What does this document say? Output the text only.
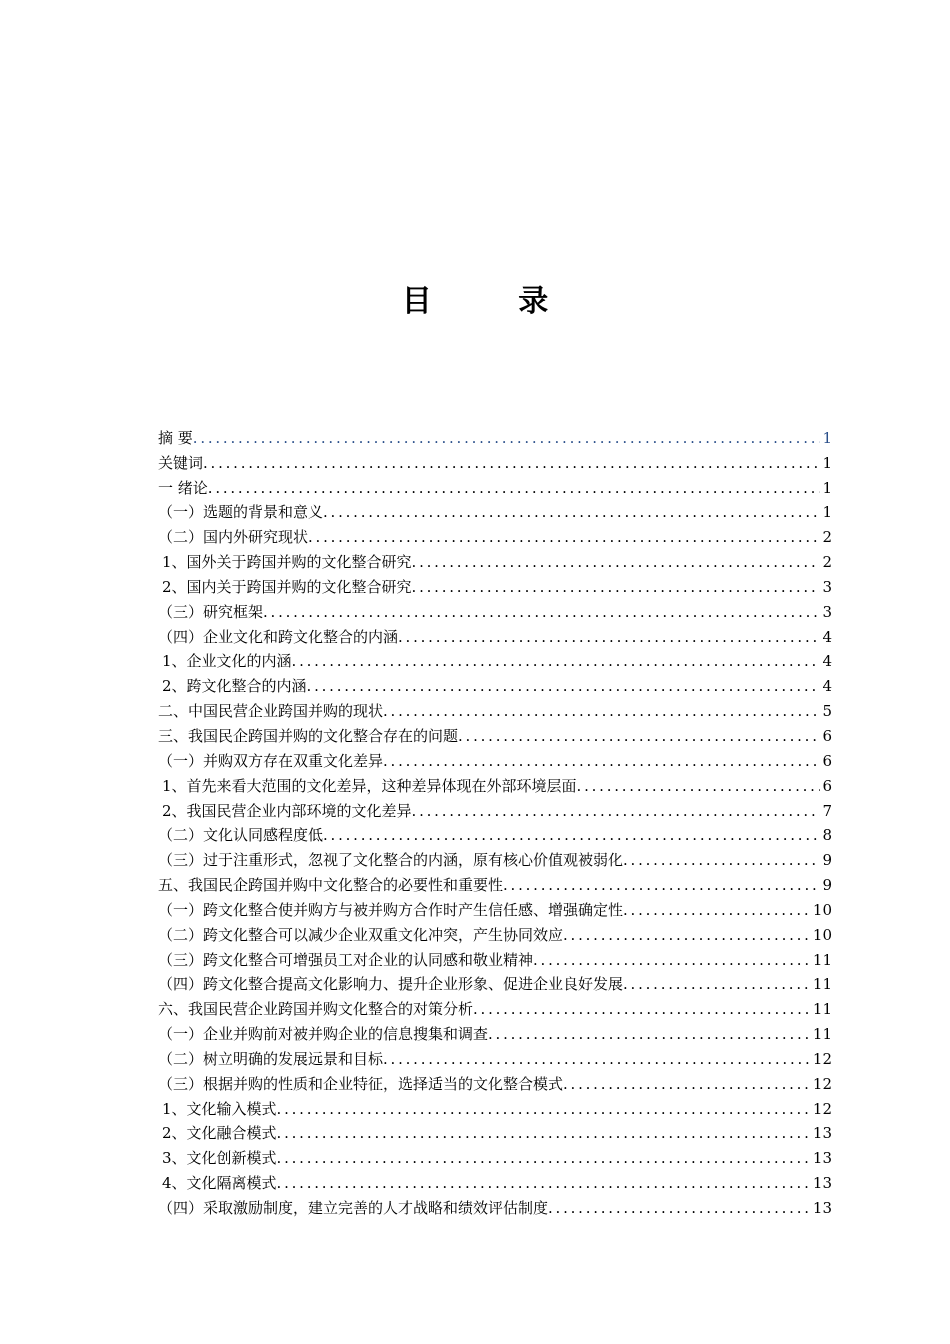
目 录
摘 要 . . .	1
关键词 . . .	1
一 绪论 . . .	1
（一）选题的背景和意义 . . .	1
（二）国内外研究现状 . . .	2
1、国外关于跨国并购的文化整合研究 . . .	2
2、国内关于跨国并购的文化整合研究 . . .	3
（三）研究框架 . . .	3
（四）企业文化和跨文化整合的内涵 . . .	4
1、企业文化的内涵 . . .	4
2、跨文化整合的内涵 . . .	4
二、中国民营企业跨国并购的现状 . . .	5
三、我国民企跨国并购的文化整合存在的问题 . . .	6
（一）并购双方存在双重文化差异 . . .	6
1、首先来看大范围的文化差异，这种差异体现在外部环境层面 . . .	6
2、我国民营企业内部环境的文化差异 . . .	7
（二）文化认同感程度低 . . .	8
（三）过于注重形式，忽视了文化整合的内涵，原有核心价值观被弱化 . . .	9
五、我国民企跨国并购中文化整合的必要性和重要性 . . .	9
（一）跨文化整合使并购方与被并购方合作时产生信任感、增强确定性 . . .	10
（二）跨文化整合可以减少企业双重文化冲突，产生协同效应 . . .	10
（三）跨文化整合可增强员工对企业的认同感和敬业精神 . . .	11
（四）跨文化整合提高文化影响力、提升企业形象、促进企业良好发展 . . .	11
六、我国民营企业跨国并购文化整合的对策分析 . . .	11
（一）企业并购前对被并购企业的信息搜集和调查 . . .	11
（二）树立明确的发展远景和目标 . . .	12
（三）根据并购的性质和企业特征，选择适当的文化整合模式 . . .	12
1、文化输入模式 . . .	12
2、文化融合模式 . . .	13
3、文化创新模式 . . .	13
4、文化隔离模式 . . .	13
（四）采取激励制度，建立完善的人才战略和绩效评估制度 . . .	13
